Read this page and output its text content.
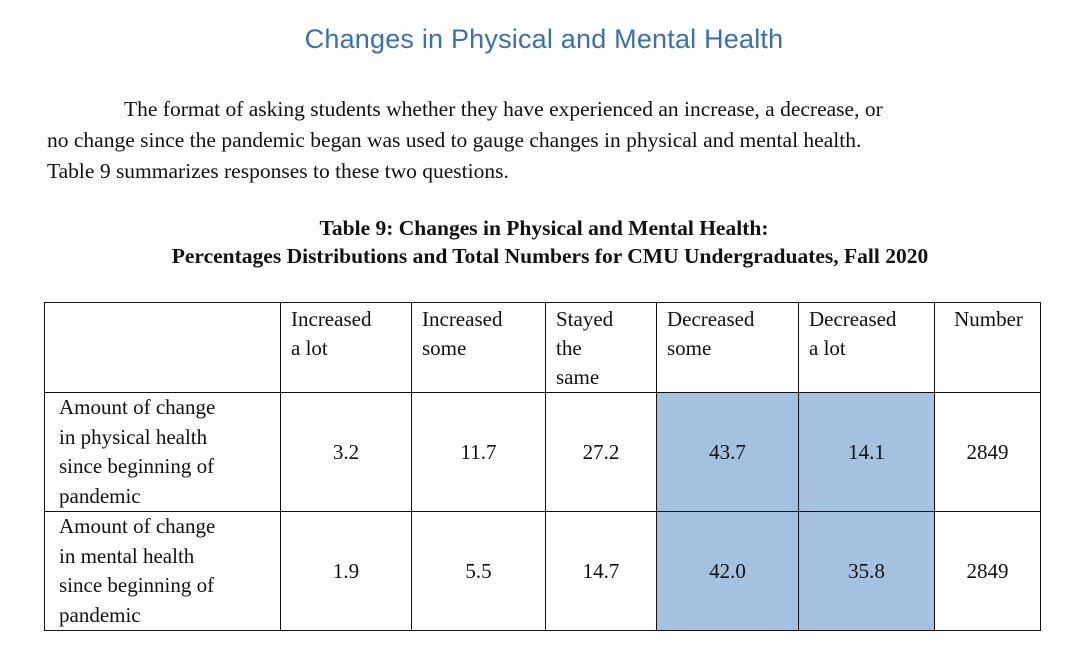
Changes in Physical and Mental Health
The format of asking students whether they have experienced an increase, a decrease, or
no change since the pandemic began was used to gauge changes in physical and mental health.
Table 9 summarizes responses to these two questions.
Table 9: Changes in Physical and Mental Health:
Percentages Distributions and Total Numbers for CMU Undergraduates, Fall 2020
	Increased
a lot	Increased
some	Stayed
the
same	Decreased
some	Decreased
a lot	Number
Amount of change
in physical health
since beginning of
pandemic	3.2	11.7	27.2	43.7	14.1	2849
Amount of change
in mental health
since beginning of
pandemic	1.9	5.5	14.7	42.0	35.8	2849
